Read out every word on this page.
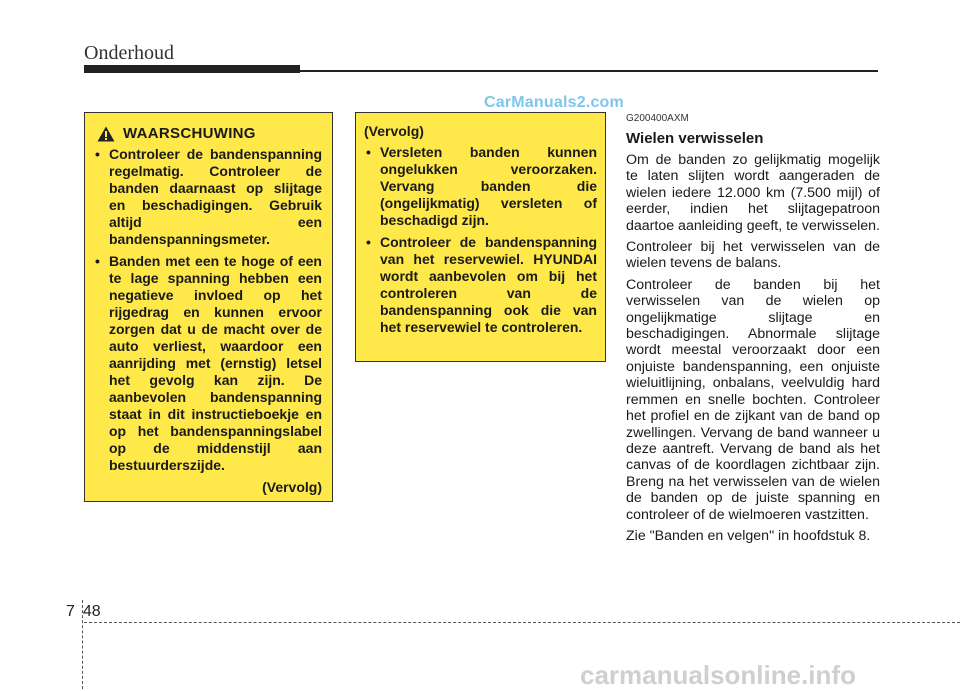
Onderhoud
CarManuals2.com
WAARSCHUWING
• Controleer de bandenspanning regelmatig. Controleer de banden daarnaast op slijtage en beschadigingen. Gebruik altijd een bandenspanningsmeter.
• Banden met een te hoge of een te lage spanning hebben een negatieve invloed op het rijgedrag en kunnen ervoor zorgen dat u de macht over de auto verliest, waardoor een aanrijding met (ernstig) letsel het gevolg kan zijn. De aanbevolen bandenspanning staat in dit instructieboekje en op het bandenspanningslabel op de middenstijl aan bestuurderszijde.
(Vervolg)
(Vervolg)
• Versleten banden kunnen ongelukken veroorzaken. Vervang banden die (ongelijkmatig) versleten of beschadigd zijn.
• Controleer de bandenspanning van het reservewiel. HYUNDAI wordt aanbevolen om bij het controleren van de bandenspanning ook die van het reservewiel te controleren.
G200400AXM
Wielen verwisselen

Om de banden zo gelijkmatig mogelijk te laten slijten wordt aangeraden de wielen iedere 12.000 km (7.500 mijl) of eerder, indien het slijtagepatroon daartoe aanleiding geeft, te verwisselen.

Controleer bij het verwisselen van de wielen tevens de balans.

Controleer de banden bij het verwisselen van de wielen op ongelijkmatige slijtage en beschadigingen. Abnormale slijtage wordt meestal veroorzaakt door een onjuiste bandenspanning, een onjuiste wieluitlijning, onbalans, veelvuldig hard remmen en snelle bochten. Controleer het profiel en de zijkant van de band op zwellingen. Vervang de band wanneer u deze aantreft. Vervang de band als het canvas of de koordlagen zichtbaar zijn. Breng na het verwisselen van de wielen de banden op de juiste spanning en controleer of de wielmoeren vastzitten.

Zie "Banden en velgen" in hoofdstuk 8.

7 48
carmanualsonline.info
